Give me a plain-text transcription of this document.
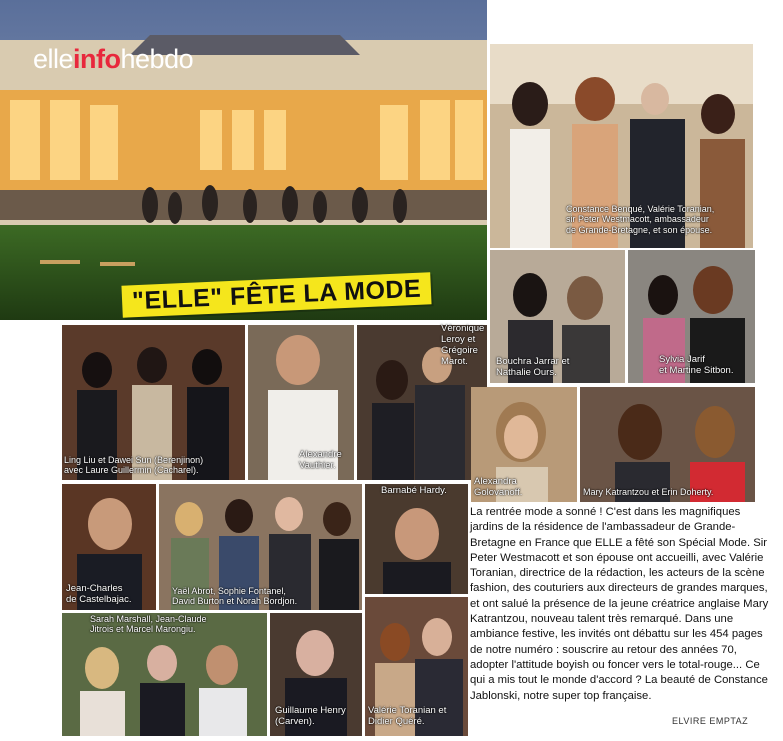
elleinfohebdo
Constance Benqué, Valérie Toranian,
sir Peter Westmacott, ambassadeur
de Grande-Bretagne, et son épouse.
"ELLE" FÊTE LA MODE
Bouchra Jarrar et
Nathalie Ours.
Sylvia Jarif
et Martine Sitbon.
Ling Liu et Dawei Sun (Berenjinon)
avec Laure Guillermin (Cacharel).
Alexandre
Vauthier.
Véronique
Leroy et
Grégoire
Marot.
Alexandra
Golovanoff.	Mary Katrantzou et Erin Doherty.
Jean-Charles
de Castelbajac.
Yaël Abrot, Sophie Fontanel,
David Burton et Norah Bordjon.
Barnabé Hardy.
Sarah Marshall, Jean-Claude
Jitrois et Marcel Marongiu.
Guillaume Henry
(Carven).
Valérie Toranian et
Didier Quéré.
La rentrée mode a sonné ! C'est dans les magnifiques jardins de la résidence de l'ambassadeur de Grande-Bretagne en France que ELLE a fêté son Spécial Mode. Sir Peter Westmacott et son épouse ont accueilli, avec Valérie Toranian, directrice de la rédaction, les acteurs de la scène fashion, des couturiers aux directeurs de grandes marques, et ont salué la présence de la jeune créatrice anglaise Mary Katrantzou, nouveau talent très remarqué. Dans une ambiance festive, les invités ont débattu sur les 454 pages de notre numéro : souscrire au retour des années 70, adopter l'attitude boyish ou foncer vers le total-rouge... Ce qui a mis tout le monde d'accord ? La beauté de Constance Jablonski, notre super top française.
ELVIRE EMPTAZ
